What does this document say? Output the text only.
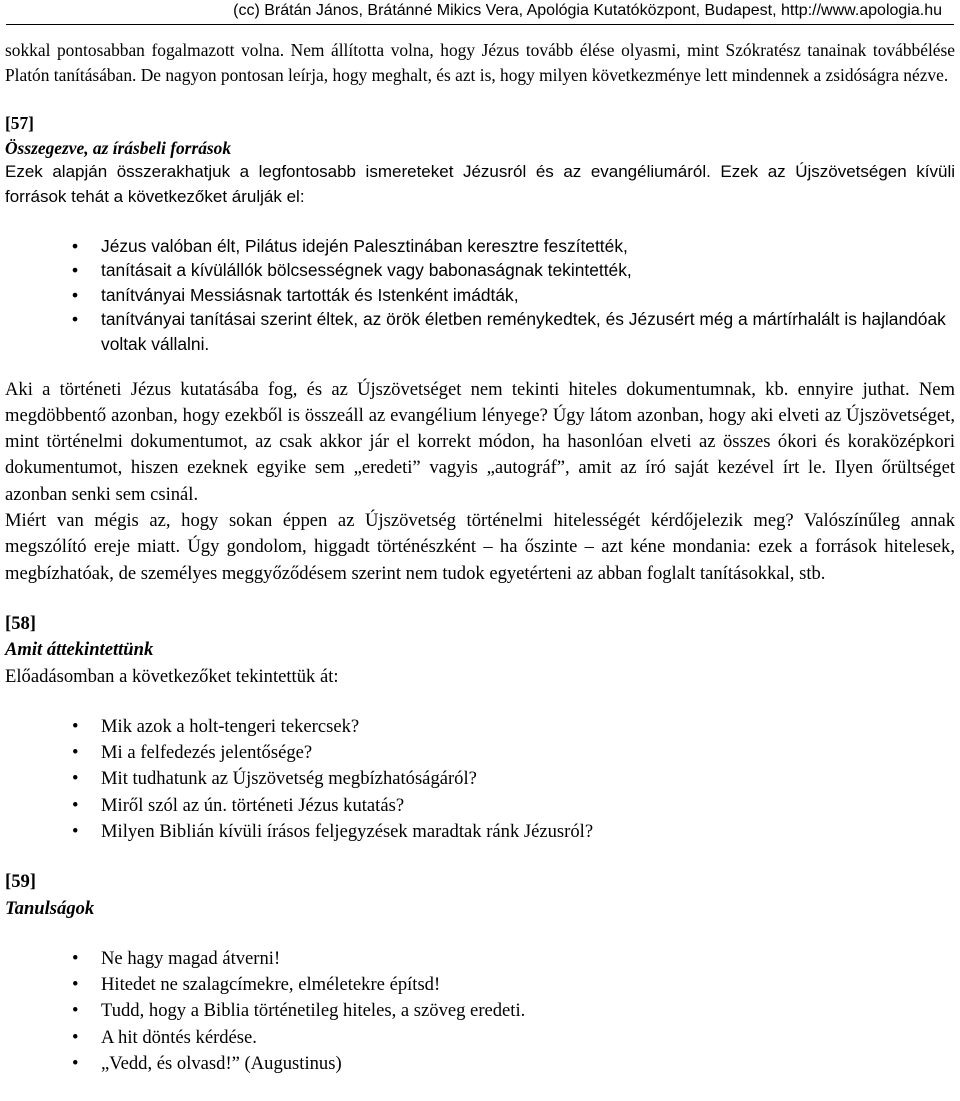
(cc) Brátán János, Brátánné Mikics Vera, Apológia Kutatóközpont, Budapest, http://www.apologia.hu

sokkal pontosabban fogalmazott volna. Nem állította volna, hogy Jézus tovább élése olyasmi, mint Szókratész tanainak továbbélése Platón tanításában. De nagyon pontosan leírja, hogy meghalt, és azt is, hogy milyen következménye lett mindennek a zsidóságra nézve.

[57]

Összegezve, az írásbeli források

Ezek alapján összerakhatjuk a legfontosabb ismereteket Jézusról és az evangéliumáról. Ezek az Újszövetségen kívüli források tehát a következőket árulják el:

• Jézus valóban élt, Pilátus idején Palesztinában keresztre feszítették,
• tanításait a kívülállók bölcsességnek vagy babonaságnak tekintették,
• tanítványai Messiásnak tartották és Istenként imádták,
• tanítványai tanításai szerint éltek, az örök életben reménykedtek, és Jézusért még a mártírhalált is hajlandóak voltak vállalni.

Aki a történeti Jézus kutatásába fog, és az Újszövetséget nem tekinti hiteles dokumentumnak, kb. ennyire juthat. Nem megdöbbentő azonban, hogy ezekből is összeáll az evangélium lényege? Úgy látom azonban, hogy aki elveti az Újszövetséget, mint történelmi dokumentumot, az csak akkor jár el korrekt módon, ha hasonlóan elveti az összes ókori és koraközépkori dokumentumot, hiszen ezeknek egyike sem „eredeti” vagyis „autográf”, amit az író saját kezével írt le. Ilyen őrültséget azonban senki sem csinál.

Miért van mégis az, hogy sokan éppen az Újszövetség történelmi hitelességét kérdőjelezik meg? Valószínűleg annak megszólító ereje miatt. Úgy gondolom, higgadt történészként – ha őszinte – azt kéne mondania: ezek a források hitelesek, megbízhatóak, de személyes meggyőződésem szerint nem tudok egyetérteni az abban foglalt tanításokkal, stb.

[58]

Amit áttekintettünk

Előadásomban a következőket tekintettük át:

• Mik azok a holt-tengeri tekercsek?
• Mi a felfedezés jelentősége?
• Mit tudhatunk az Újszövetség megbízhatóságáról?
• Miről szól az ún. történeti Jézus kutatás?
• Milyen Biblián kívüli írásos feljegyzések maradtak ránk Jézusról?

[59]

Tanulságok

• Ne hagy magad átverni!
• Hitedet ne szalagcímekre, elméletekre építsd!
• Tudd, hogy a Biblia történetileg hiteles, a szöveg eredeti.
• A hit döntés kérdése.
• „Vedd, és olvasd!” (Augustinus)
